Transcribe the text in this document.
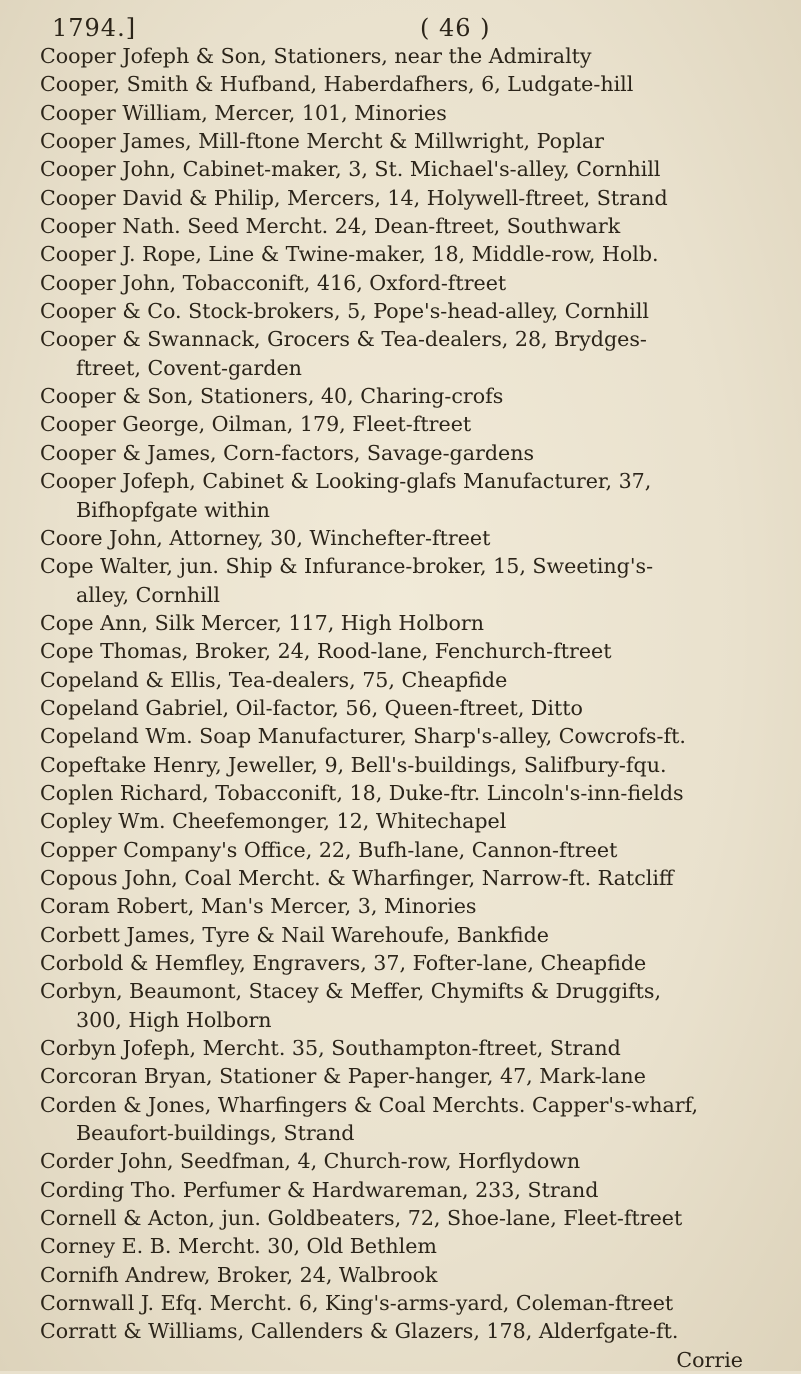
1794.]	( 46 )
Cooper Jofeph & Son, Stationers, near the Admiralty
Cooper, Smith & Hufband, Haberdafhers, 6, Ludgate-hill
Cooper William, Mercer, 101, Minories
Cooper James, Mill-ftone Mercht & Millwright, Poplar
Cooper John, Cabinet-maker, 3, St. Michael's-alley, Cornhill
Cooper David & Philip, Mercers, 14, Holywell-ftreet, Strand
Cooper Nath. Seed Mercht. 24, Dean-ftreet, Southwark
Cooper J. Rope, Line & Twine-maker, 18, Middle-row, Holb.
Cooper John, Tobacconift, 416, Oxford-ftreet
Cooper & Co. Stock-brokers, 5, Pope's-head-alley, Cornhill
Cooper & Swannack, Grocers & Tea-dealers, 28, Brydges-
ftreet, Covent-garden
Cooper & Son, Stationers, 40, Charing-crofs
Cooper George, Oilman, 179, Fleet-ftreet
Cooper & James, Corn-factors, Savage-gardens
Cooper Jofeph, Cabinet & Looking-glafs Manufacturer, 37,
Bifhopfgate within
Coore John, Attorney, 30, Winchefter-ftreet
Cope Walter, jun. Ship & Infurance-broker, 15, Sweeting's-
alley, Cornhill
Cope Ann, Silk Mercer, 117, High Holborn
Cope Thomas, Broker, 24, Rood-lane, Fenchurch-ftreet
Copeland & Ellis, Tea-dealers, 75, Cheapfide
Copeland Gabriel, Oil-factor, 56, Queen-ftreet, Ditto
Copeland Wm. Soap Manufacturer, Sharp's-alley, Cowcrofs-ft.
Copeftake Henry, Jeweller, 9, Bell's-buildings, Salifbury-fqu.
Coplen Richard, Tobacconift, 18, Duke-ftr. Lincoln's-inn-fields
Copley Wm. Cheefemonger, 12, Whitechapel
Copper Company's Office, 22, Bufh-lane, Cannon-ftreet
Copous John, Coal Mercht. & Wharfinger, Narrow-ft. Ratcliff
Coram Robert, Man's Mercer, 3, Minories
Corbett James, Tyre & Nail Warehoufe, Bankfide
Corbold & Hemfley, Engravers, 37, Fofter-lane, Cheapfide
Corbyn, Beaumont, Stacey & Meffer, Chymifts & Druggifts,
300, High Holborn
Corbyn Jofeph, Mercht. 35, Southampton-ftreet, Strand
Corcoran Bryan, Stationer & Paper-hanger, 47, Mark-lane
Corden & Jones, Wharfingers & Coal Merchts. Capper's-wharf,
Beaufort-buildings, Strand
Corder John, Seedfman, 4, Church-row, Horflydown
Cording Tho. Perfumer & Hardwareman, 233, Strand
Cornell & Acton, jun. Goldbeaters, 72, Shoe-lane, Fleet-ftreet
Corney E. B. Mercht. 30, Old Bethlem
Cornifh Andrew, Broker, 24, Walbrook
Cornwall J. Efq. Mercht. 6, King's-arms-yard, Coleman-ftreet
Corratt & Williams, Callenders & Glazers, 178, Alderfgate-ft.
Corrie
